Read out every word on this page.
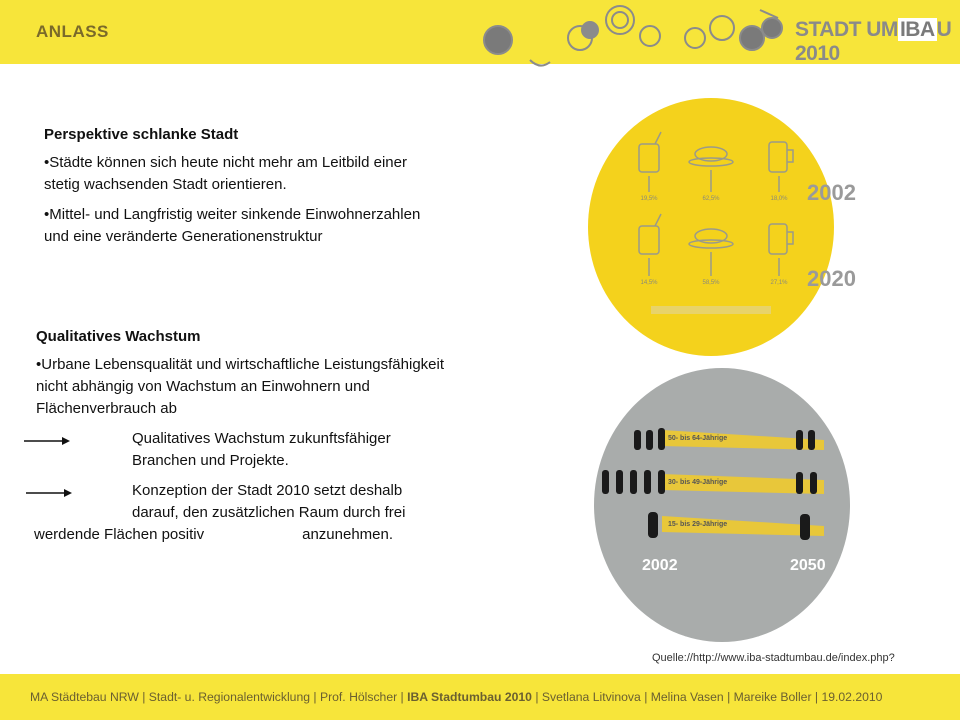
ANLASS	STADT UMIBAU 2010
Perspektive schlanke Stadt
•Städte können sich heute nicht mehr am Leitbild einer stetig wachsenden Stadt orientieren.
•Mittel- und Langfristig weiter sinkende Einwohnerzahlen und eine veränderte Generationenstruktur
Qualitatives Wachstum
•Urbane Lebensqualität und wirtschaftliche Leistungsfähigkeit nicht abhängig von Wachstum an Einwohnern und Flächenverbrauch ab
Qualitatives Wachstum zukunftsfähiger Branchen und Projekte.
Konzeption der Stadt 2010 setzt deshalb
darauf, den zusätzlichen Raum durch frei
werdende Flächen positiv	anzunehmen.
19,5%	62,5%	18,0%
14,5%	58,5%	27,1%
2002
2020
50- bis 64-Jährige
30- bis 49-Jährige
15- bis 29-Jährige
2002	2050
Quelle://http://www.iba-stadtumbau.de/index.php?
MA Städtebau NRW | Stadt- u. Regionalentwicklung | Prof. Hölscher | IBA Stadtumbau 2010 | Svetlana Litvinova | Melina Vasen | Mareike Boller | 19.02.2010
